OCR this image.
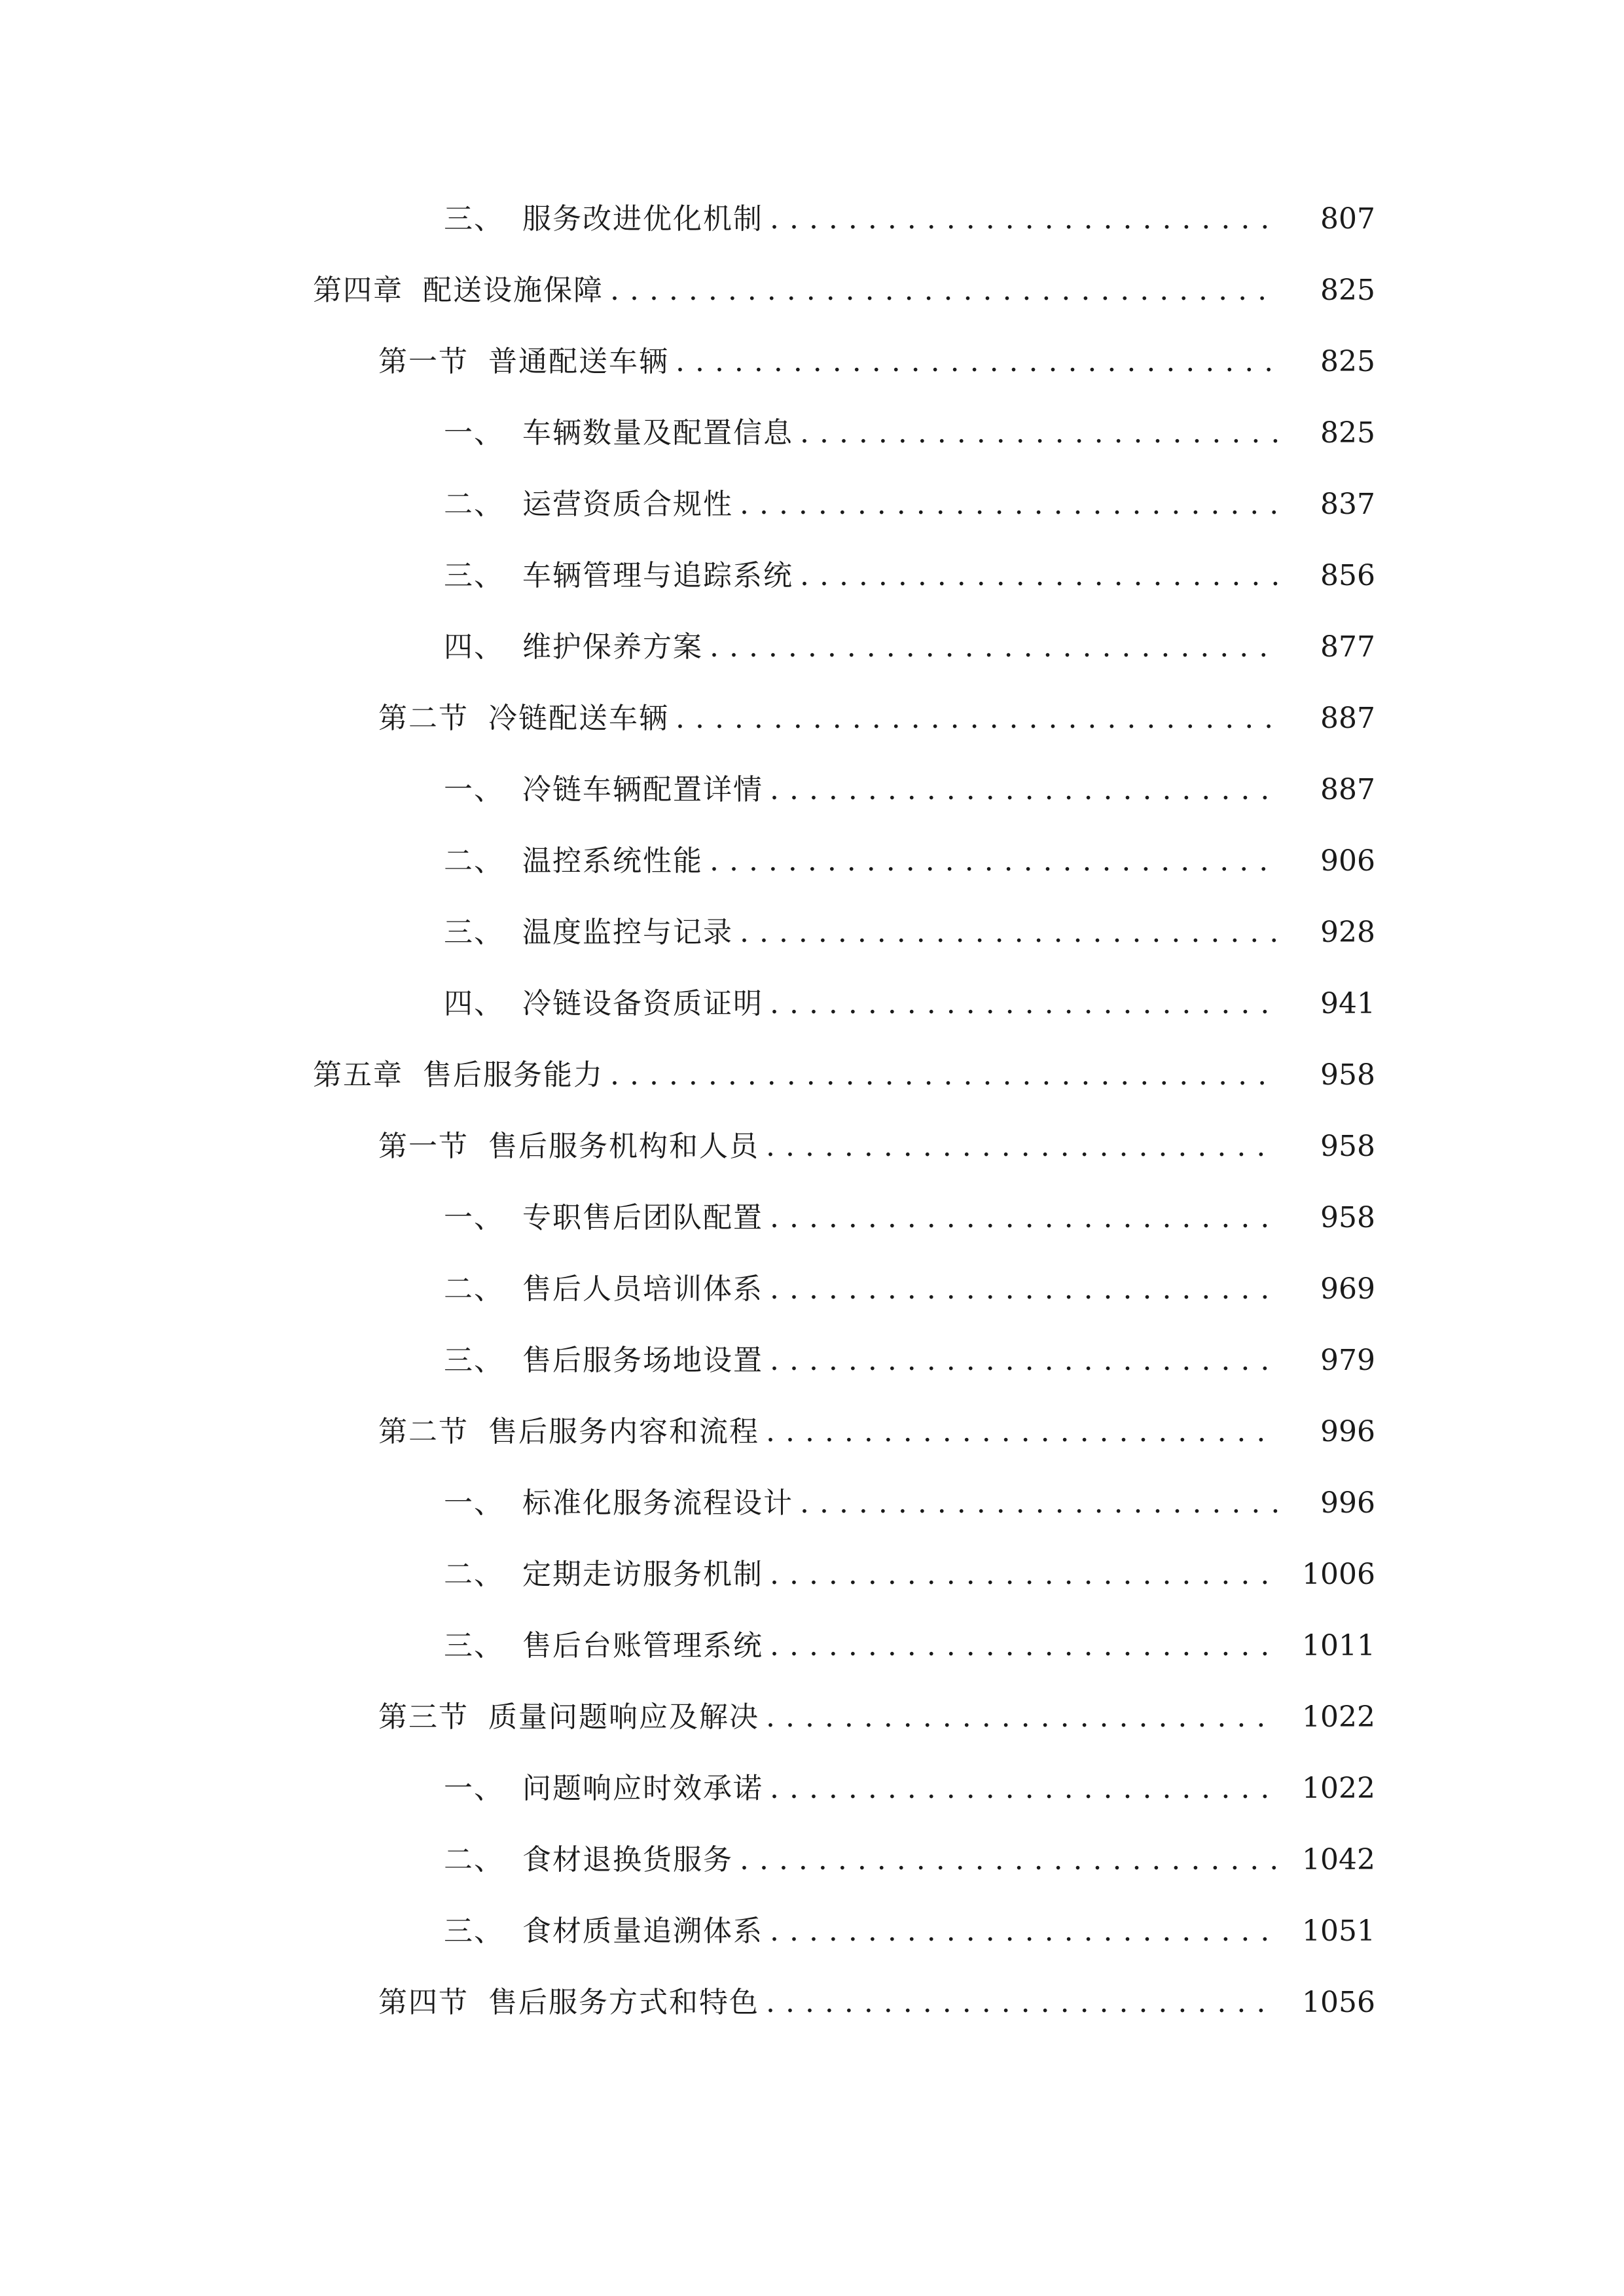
三、 服务改进优化机制 . . .	807
第四章 配送设施保障 . . .	825
第一节 普通配送车辆 . . .	825
一、 车辆数量及配置信息 . . .	825
二、 运营资质合规性 . . .	837
三、 车辆管理与追踪系统 . . .	856
四、 维护保养方案 . . .	877
第二节 冷链配送车辆 . . .	887
一、 冷链车辆配置详情 . . .	887
二、 温控系统性能 . . .	906
三、 温度监控与记录 . . .	928
四、 冷链设备资质证明 . . .	941
第五章 售后服务能力 . . .	958
第一节 售后服务机构和人员 . . .	958
一、 专职售后团队配置 . . .	958
二、 售后人员培训体系 . . .	969
三、 售后服务场地设置 . . .	979
第二节 售后服务内容和流程 . . .	996
一、 标准化服务流程设计 . . .	996
二、 定期走访服务机制 . . .	1006
三、 售后台账管理系统 . . .	1011
第三节 质量问题响应及解决 . . .	1022
一、 问题响应时效承诺 . . .	1022
二、 食材退换货服务 . . .	1042
三、 食材质量追溯体系 . . .	1051
第四节 售后服务方式和特色 . . .	1056
